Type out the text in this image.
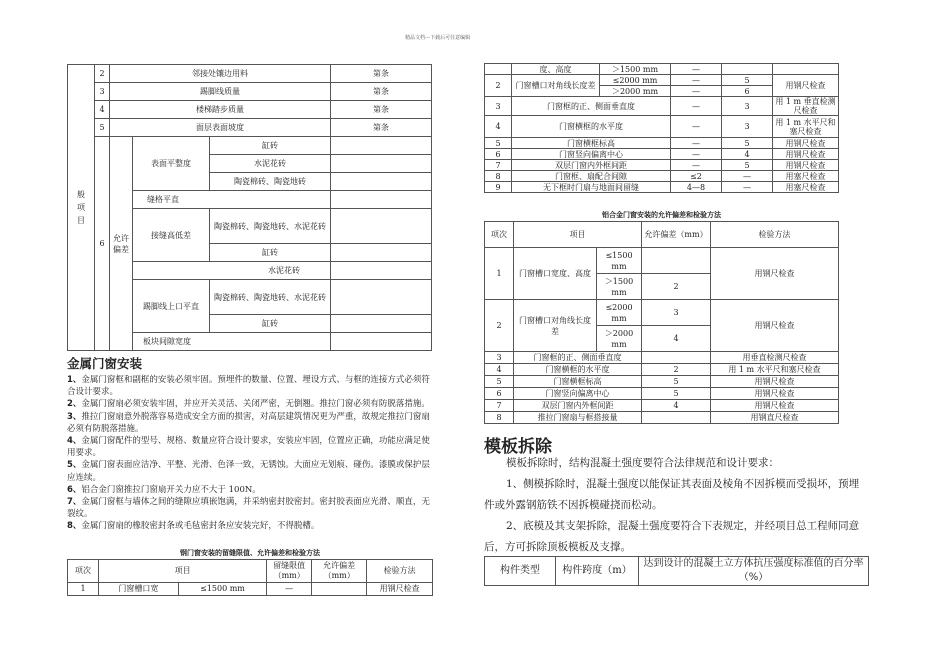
精品文档---下载后可任意编辑
般项目	2	邻接处镶边用料			第条
	3	踢脚线质量			第条
	4	楼梯踏步质量			第条
	5	面层表面坡度			第条
	6	允许偏差	表面平整度	缸砖	
				水泥花砖	
				陶瓷棉砖、陶瓷地砖	
			缝格平直		
			接缝高低差	陶瓷棉砖、陶瓷地砖、水泥花砖	
				缸砖	
			水泥花砖		
			踢脚线上口平直	陶瓷棉砖、陶瓷地砖、水泥花砖	
				缸砖	
			板块间隙宽度		
金属门窗安装

1、金属门窗框和副框的安装必须牢固。预埋件的数量、位置、埋设方式、与框的连接方式必须符合设计要求。

2、金属门窗扇必须安装牢固，并应开关灵活、关闭严密，无倒翘。推拉门窗必须有防脱落措施。

3、推拉门窗扇意外脱落容易造成安全方面的损害，对高层建筑情况更为严重，故规定推拉门窗扇必须有防脱落措施。

4、金属门窗配件的型号、规格、数量应符合设计要求，安装应牢固，位置应正确，功能应满足使用要求。

5、金属门窗表面应洁净、平整、光滑、色泽一致，无锈蚀。大面应无划痕、碰伤。漆膜或保护层应连续。

6、铝合金门窗推拉门窗扇开关力应不大于 100N。

7、金属门窗框与墙体之间的缝隙应填嵌饱满，并采纳密封胶密封。密封胶表面应光滑、顺直，无裂纹。

8、金属门窗扇的橡胶密封条或毛毡密封条应安装完好，不得脱槽。

钢门窗安装的留缝限值、允许偏差和检验方法
项次	项目		留缝限值（mm）	允许偏差（mm）	检验方法
1	门窗槽口宽	≤1500 mm	—		用钢尺检查
	度、高度	＞1500 mm	—		
2	门窗槽口对角线长度差	≤2000 mm	—	5	用钢尺检查
		＞2000 mm	—	6	
3	门窗框的正、侧面垂直度		—	3	用 1 m 垂直检测尺检查
4	门窗横框的水平度		—	3	用 1 m 水平尺和塞尺检查
5	门窗横框标高		—	5	用钢尺检查
6	门窗竖向偏离中心		—	4	用钢尺检查
7	双层门窗内外框间距		—	5	用钢尺检查
8	门窗框、扇配合间隙		≤2	—	用塞尺检查
9	无下框时门扇与地面间留缝		4—8	—	用塞尺检查
铝合金门窗安装的允许偏差和检验方法
项次	项目		允许偏差（mm）	检验方法
1	门窗槽口宽度、高度	≤1500 mm		用钢尺检查
		＞1500 mm	2	
2	门窗槽口对角线长度差	≤2000 mm	3	用钢尺检查
		＞2000 mm	4	
3	门窗框的正、侧面垂直度			用垂直检测尺检查
4	门窗横框的水平度		2	用 1 m 水平尺和塞尺检查
5	门窗横框标高		5	用钢尺检查
6	门窗竖向偏离中心		5	用钢尺检查
7	双层门窗内外框间距		4	用钢尺检查
8	推拉门窗扇与框搭接量			用钢直尺检查
模板拆除

模板拆除时，结构混凝土强度要符合法律规范和设计要求：

1、侧模拆除时，混凝土强度以能保证其表面及棱角不因拆模而受损坏，预埋件或外露钢筋铁不因拆模碰挠而松动。

2、底模及其支架拆除，混凝土强度要符合下表规定，并经项目总工程师同意后，方可拆除顶板模板及支撑。

构件类型	构件跨度（m）	达到设计的混凝土立方体抗压强度标准值的百分率（%）
